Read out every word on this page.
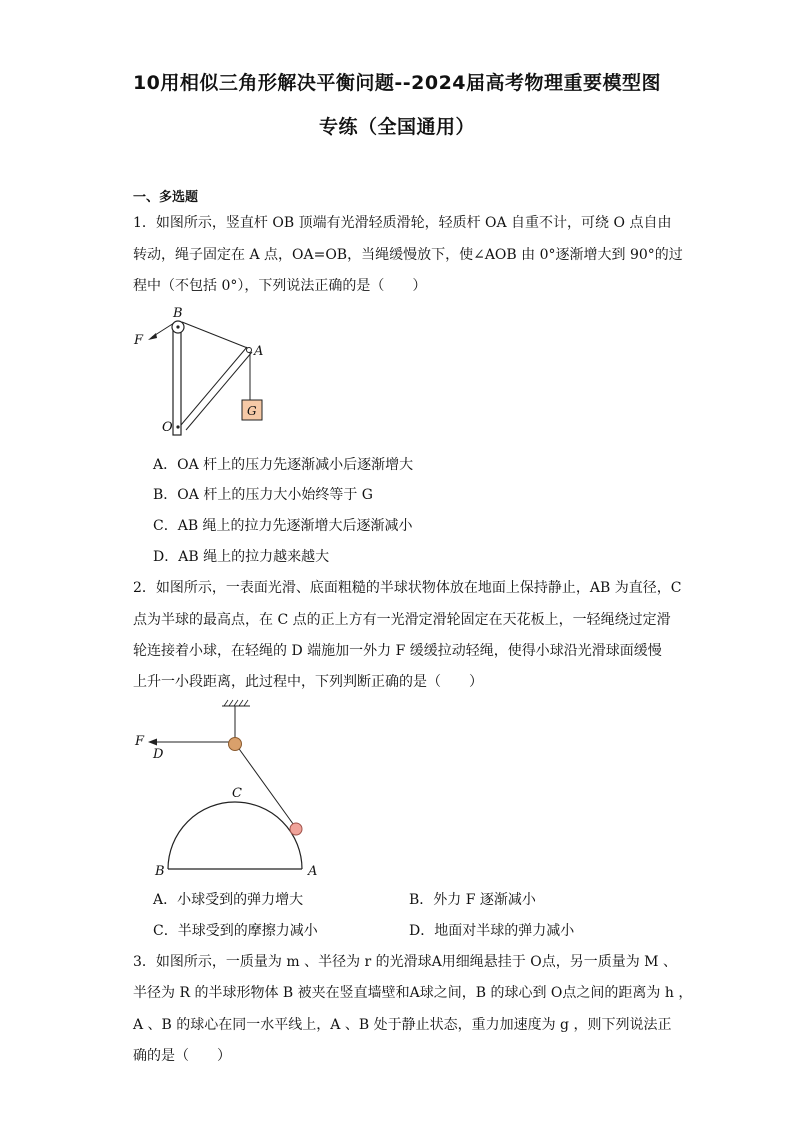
10用相似三角形解决平衡问题--2024届高考物理重要模型图
专练（全国通用）
一、多选题
1．如图所示，竖直杆 OB 顶端有光滑轻质滑轮，轻质杆 OA 自重不计，可绕 O 点自由
转动，绳子固定在 A 点，OA=OB，当绳缓慢放下，使∠AOB 由 0°逐渐增大到 90°的过
程中（不包括 0°），下列说法正确的是（　　）
G
B
F
A
O
A．OA 杆上的压力先逐渐减小后逐渐增大
B．OA 杆上的压力大小始终等于 G
C．AB 绳上的拉力先逐渐增大后逐渐减小
D．AB 绳上的拉力越来越大
2．如图所示，一表面光滑、底面粗糙的半球状物体放在地面上保持静止，AB 为直径，C
点为半球的最高点，在 C 点的正上方有一光滑定滑轮固定在天花板上，一轻绳绕过定滑
轮连接着小球，在轻绳的 D 端施加一外力 F 缓缓拉动轻绳，使得小球沿光滑球面缓慢
上升一小段距离，此过程中，下列判断正确的是（　　）
F
D
C
B	A
A．小球受到的弹力增大	B．外力 F 逐渐减小
C．半球受到的摩擦力减小	D．地面对半球的弹力减小
3．如图所示，一质量为 m 、半径为 r 的光滑球A用细绳悬挂于 O点，另一质量为 M 、
半径为 R 的半球形物体 B 被夹在竖直墙壁和A球之间，B 的球心到 O点之间的距离为 h ，
A 、B 的球心在同一水平线上，A 、B 处于静止状态，重力加速度为 g ，则下列说法正
确的是（　　）
